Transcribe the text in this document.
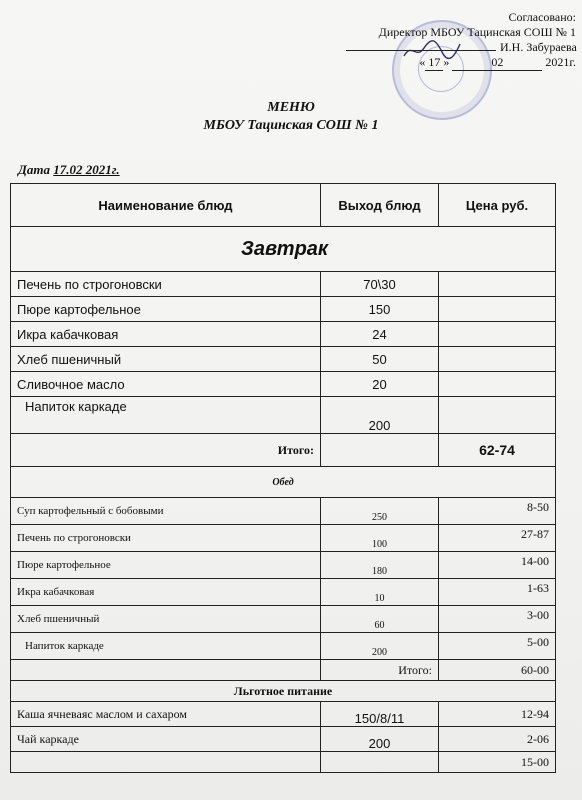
Согласовано:
Директор МБОУ Тацинская СОШ № 1
И.Н. Забураева
« 17 »	02	2021г.
МЕНЮ
МБОУ Тацинская СОШ № 1
Дата 17.02 2021г.
Наименование блюд	Выход блюд	Цена руб.
Завтрак		
Печень по строгоновски	70\30	
Пюре картофельное	150	
Икра кабачковая	24	
Хлеб пшеничный	50	
Сливочное масло	20	
Напиток каркаде	200	
Итого:		62-74
Обед		
Суп картофельный с бобовыми	250	8-50
Печень по строгоновски	100	27-87
Пюре картофельное	180	14-00
Икра кабачковая	10	1-63
Хлеб пшеничный	60	3-00
Напиток каркаде	200	5-00
	Итого:	60-00
Льготное питание		
Каша ячневаяс маслом и сахаром	150/8/11	12-94
Чай каркаде	200	2-06
		15-00
